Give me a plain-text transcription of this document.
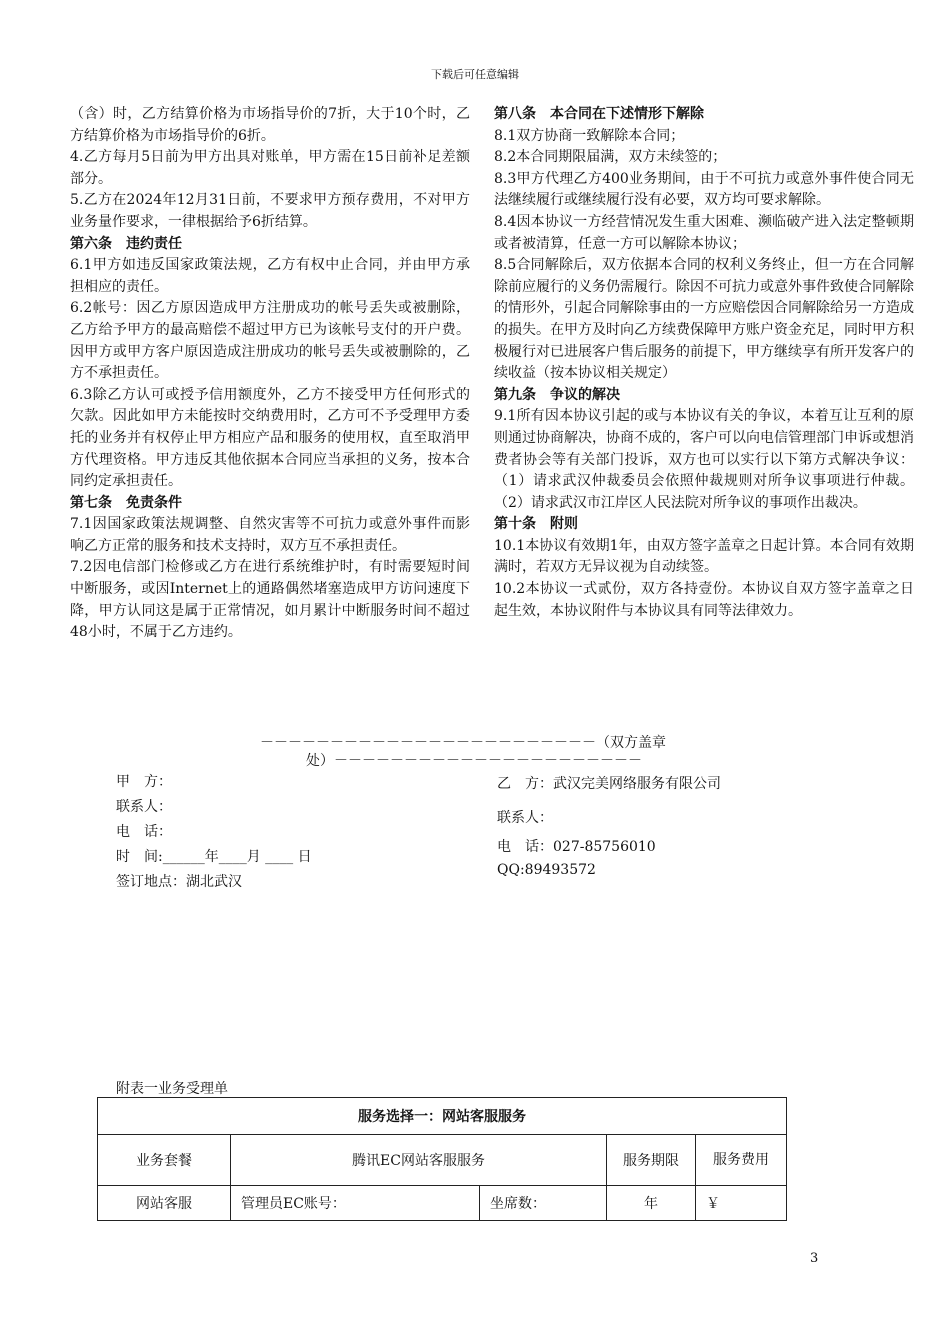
下载后可任意编辑

（含）时，乙方结算价格为市场指导价的7折，大于10个时，乙方结算价格为市场指导价的6折。

4.乙方每月5日前为甲方出具对账单，甲方需在15日前补足差额部分。

5.乙方在2024年12月31日前，不要求甲方预存费用，不对甲方业务量作要求，一律根据给予6折结算。

第六条　违约责任

6.1甲方如违反国家政策法规，乙方有权中止合同，并由甲方承担相应的责任。

6.2帐号：因乙方原因造成甲方注册成功的帐号丢失或被删除，乙方给予甲方的最高赔偿不超过甲方已为该帐号支付的开户费。因甲方或甲方客户原因造成注册成功的帐号丢失或被删除的，乙方不承担责任。

6.3除乙方认可或授予信用额度外，乙方不接受甲方任何形式的欠款。因此如甲方未能按时交纳费用时，乙方可不予受理甲方委托的业务并有权停止甲方相应产品和服务的使用权，直至取消甲方代理资格。甲方违反其他依据本合同应当承担的义务，按本合同约定承担责任。

第七条　免责条件

7.1因国家政策法规调整、自然灾害等不可抗力或意外事件而影响乙方正常的服务和技术支持时，双方互不承担责任。

7.2因电信部门检修或乙方在进行系统维护时，有时需要短时间中断服务，或因Internet上的通路偶然堵塞造成甲方访问速度下降，甲方认同这是属于正常情况，如月累计中断服务时间不超过48小时，不属于乙方违约。

第八条　本合同在下述情形下解除

8.1双方协商一致解除本合同；

8.2本合同期限届满，双方未续签的；

8.3甲方代理乙方400业务期间，由于不可抗力或意外事件使合同无法继续履行或继续履行没有必要，双方均可要求解除。

8.4因本协议一方经营情况发生重大困难、濒临破产进入法定整顿期或者被清算，任意一方可以解除本协议；

8.5合同解除后，双方依据本合同的权利义务终止，但一方在合同解除前应履行的义务仍需履行。除因不可抗力或意外事件致使合同解除的情形外，引起合同解除事由的一方应赔偿因合同解除给另一方造成的损失。在甲方及时向乙方续费保障甲方账户资金充足，同时甲方积极履行对已进展客户售后服务的前提下，甲方继续享有所开发客户的续收益（按本协议相关规定）

第九条　争议的解决

9.1所有因本协议引起的或与本协议有关的争议，本着互让互利的原则通过协商解决，协商不成的，客户可以向电信管理部门申诉或想消费者协会等有关部门投诉，双方也可以实行以下第方式解决争议：（1）请求武汉仲裁委员会依照仲裁规则对所争议事项进行仲裁。（2）请求武汉市江岸区人民法院对所争议的事项作出裁决。

第十条　附则

10.1本协议有效期1年，由双方签字盖章之日起计算。本合同有效期满时，若双方无异议视为自动续签。

10.2本协议一式贰份，双方各持壹份。本协议自双方签字盖章之日起生效，本协议附件与本协议具有同等法律效力。

－－－－－－－－－－－－－－－－－－－－－－－－（双方盖章
处）－－－－－－－－－－－－－－－－－－－－－－
甲　方：
联系人：
电　话：
时　间:______年____月 ____ 日
签订地点：湖北武汉
乙　方：武汉完美网络服务有限公司
联系人：
电　话：027-85756010
QQ:89493572
附表一业务受理单
服务选择一：网站客服服务				
业务套餐	腾讯EC网站客服服务		服务期限	服务费用
网站客服	管理员EC账号：	坐席数：	年	￥
3
